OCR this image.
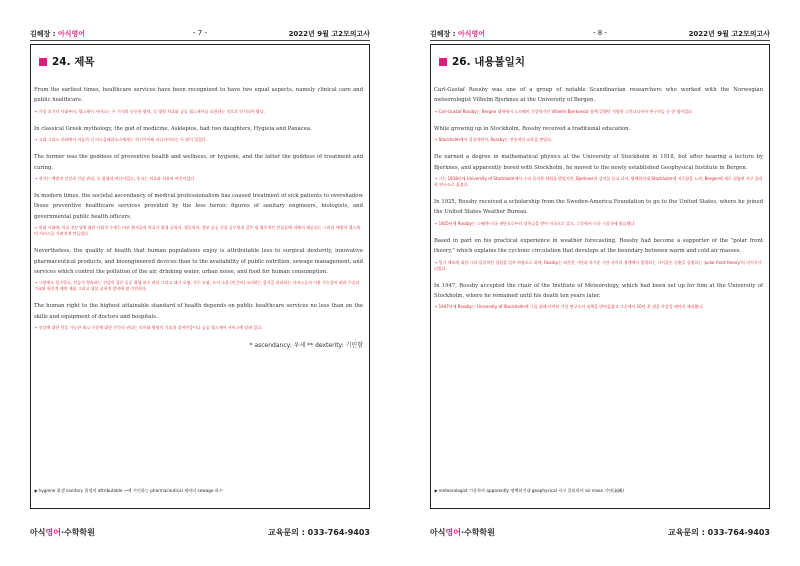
김해장 : 아식영어	- 7 -	2022년 9월 고2모의고사
24. 제목

From the earliest times, healthcare services have been recognized to have two equal aspects, namely clinical care and public healthcare.

→ 가장 초기의 시대부터, 헬스케어 서비스는 두 가지의 동등한 영역, 즉 병원 치료와 공공 헬스케어를 포함하는 것으로 인식되어 왔다.

In classical Greek mythology, the god of medicine, Asklepios, had two daughters, Hygieia and Panacea.

→ 고대 그리스 신화에서 의술의 신 아스클레피오스에게는 히기이아와 파나시아라는 두 딸이 있었다.

The former was the goddess of preventive health and wellness, or hygiene, and the latter the goddess of treatment and curing.

→ 전자는 예방적 건강과 건강 관리, 즉 위생의 여신이었고, 후자는 치료와 치유의 여신이었다.

In modern times, the societal ascendancy of medical professionalism has caused treatment of sick patients to overshadow those preventive healthcare services provided by the less heroic figures of sanitary engineers, biologists, and governmental public health officers.

→ 현대 시대에, 의료 전문성에 대한 사회적 우세는 아픈 환자들의 치료가 위생 공학자, 생물학자, 정부 공공 건강 공무원과 같은 덜 영웅적인 인물들에 의해서 제공되는 그러한 예방적 헬스케어 서비스를 가려지게 만들었다.

Nevertheless, the quality of health that human populations enjoy is attributable less to surgical dexterity, innovative pharmaceutical products, and bioengineered devices than to the availability of public nutrition, sewage management, and services which control the pollution of the air, drinking water, urban noise, and food for human consumption.

→ 그럼에도 불구하고, 인류가 향유하는 건강의 질은 공공 위생 하수 관리 그리고 대기 오염, 식수 오염, 도시 소음 (인간이) 소비하는 음식을 관리하는 서비스들의 이용 가능성이 외과 수술의 기교와 혁신적 제약 제품 그리고 생물 공학적 장비에 덜 기인한다.

The human right to the highest attainable standard of health depends on public healthcare services no less than on the skills and equipment of doctors and hospitals.

→ 건강에 대한 얻을 가능한 최고 수준에 대한 인간의 권리는 의사와 병원의 기술과 장비만큼이나 공공 헬스케어 서비스에 달려 있다.
* ascendancy: 우세 ** dexterity: 기민함
◆ hygiene 위생 sanitary 위생의 attributable ~에 기인하는 pharmaceutical 제약의 sewage 하수
아식영어·수학학원	교육문의 : 033-764-9403
김해장 : 아식영어	- 8 -	2022년 9월 고2모의고사
26. 내용불일치

Carl-Gustaf Rossby was one of a group of notable Scandinavian researchers who worked with the Norwegian meteorologist Vilhelm Bjerknes at the University of Bergen.

→ Carl-Gustaf Rossby는 Bergen 대학에서 노르웨이 기상학자인 Vilhelm Bjerknes와 함께 일했던 저명한 스칸디나비아 연구자들 중 한 명이었다.

While growing up in Stockholm, Rossby received a traditional education.

→ Stockholm에서 성장하면서, Rossby는 전통적인 교육을 받았다.

He earned a degree in mathematical physics at the University of Stockholm in 1918, but after hearing a lecture by Bjerknes, and apparently bored with Stockholm, he moved to the newly established Geophysical Institute in Bergen.

→ 그는 1918년에 University of Stockholm에서 수리 물리학 학위를 받았지만, Bjerknes의 강의를 듣고 나서, 명백하건대 Stockholm에 지루함을 느껴, Bergen에 새로 설립된 지구 물리학 연구소로 옮겼다.

In 1925, Rossby received a scholarship from the Sweden-America Foundation to go to the United States, where he joined the United States Weather Bureau.

→ 1925년에 Rossby는 스웨덴-미국 재단으로부터 장학금을 받아 미국으로 갔고, 그곳에서 미국 기상국에 합류했다.

Based in part on his practical experience in weather forecasting, Rossby had become a supporter of the "polar front theory," which explains the cyclonic circulation that develops at the boundary between warm and cold air masses.

→ 일기 예보에 대한 그의 실질적인 경험을 일부 바탕으로 하여, Rossby는 따뜻한 기단과 차가운 기단 사이의 경계에서 발생하는 사이클론 순환을 설명하는 'polar front theory'의 지지자가 되었다.

In 1947, Rossby accepted the chair of the Institute of Meteorology, which had been set up for him at the University of Stockholm, where he remained until his death ten years later.

→ 1947년에 Rossby는 University of Stockholm에 그를 위해 마련된 기상 연구소의 직책을 받아들였고 그곳에서 10년 후 생을 마감할 때까지 재직했다.
◆ meteorologist 기상학자 apparently 명백하건대 geophysical 지구 물리학의 air mass 기단(氣團)
아식영어·수학학원	교육문의 : 033-764-9403
